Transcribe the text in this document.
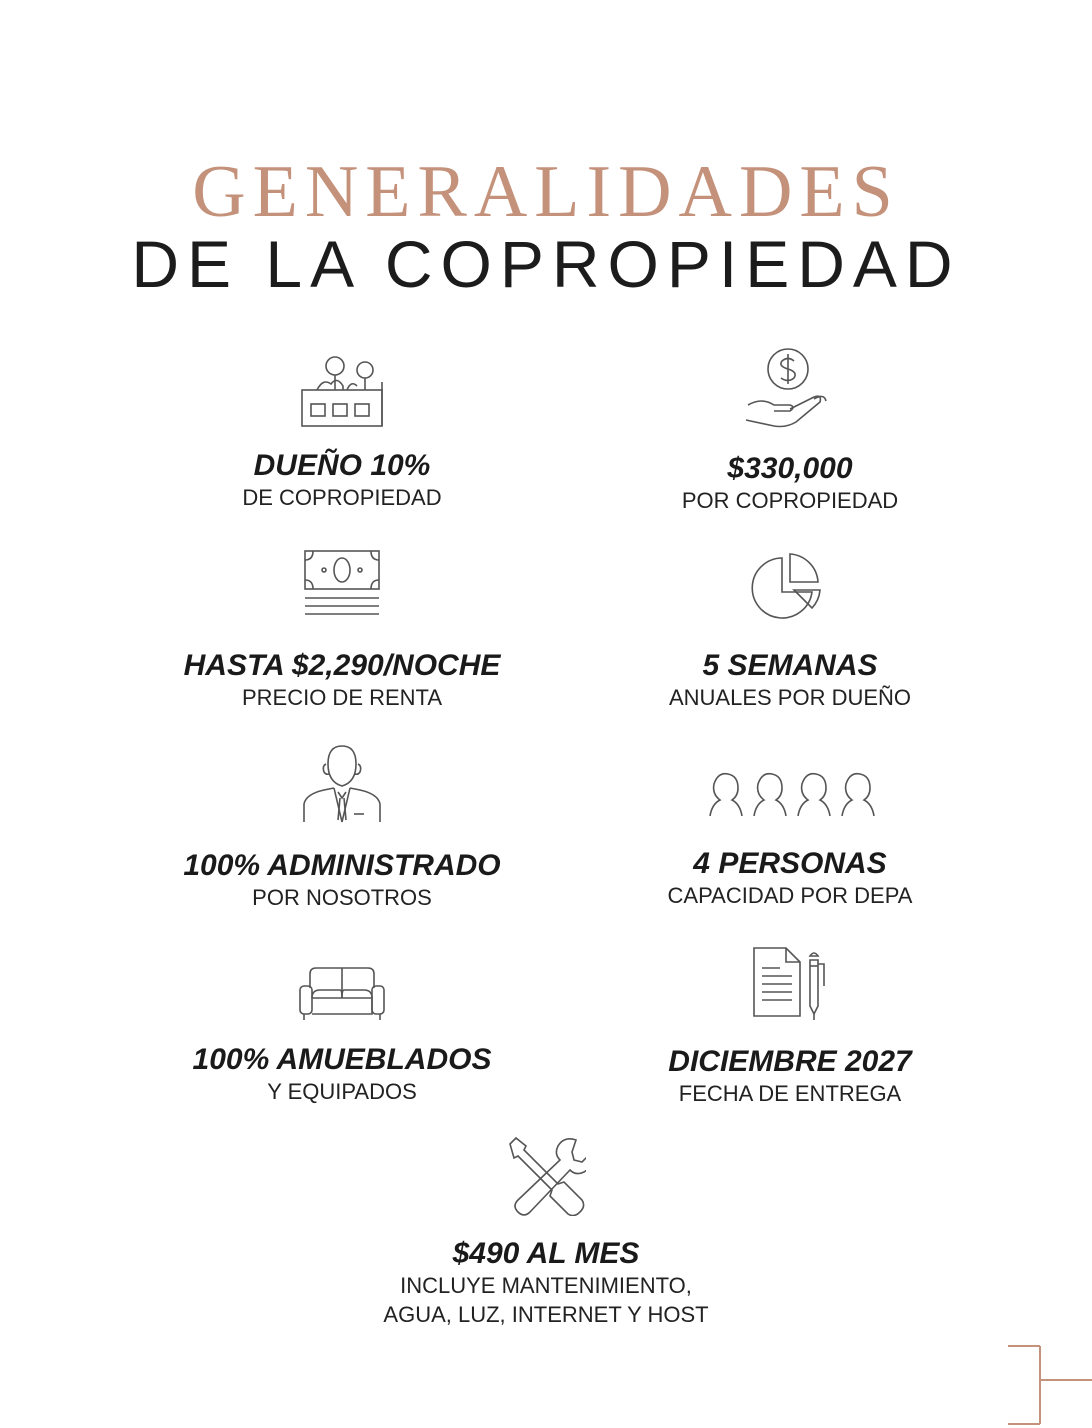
GENERALIDADES
DE LA COPROPIEDAD
DUEÑO 10%
DE COPROPIEDAD
$330,000
POR COPROPIEDAD
HASTA $2,290/NOCHE
PRECIO DE RENTA
5 SEMANAS
ANUALES POR DUEÑO
100% ADMINISTRADO
POR NOSOTROS
4 PERSONAS
CAPACIDAD POR DEPA
100% AMUEBLADOS
Y EQUIPADOS
DICIEMBRE 2027
FECHA DE ENTREGA
$490 AL MES
INCLUYE MANTENIMIENTO,
AGUA, LUZ, INTERNET Y HOST
